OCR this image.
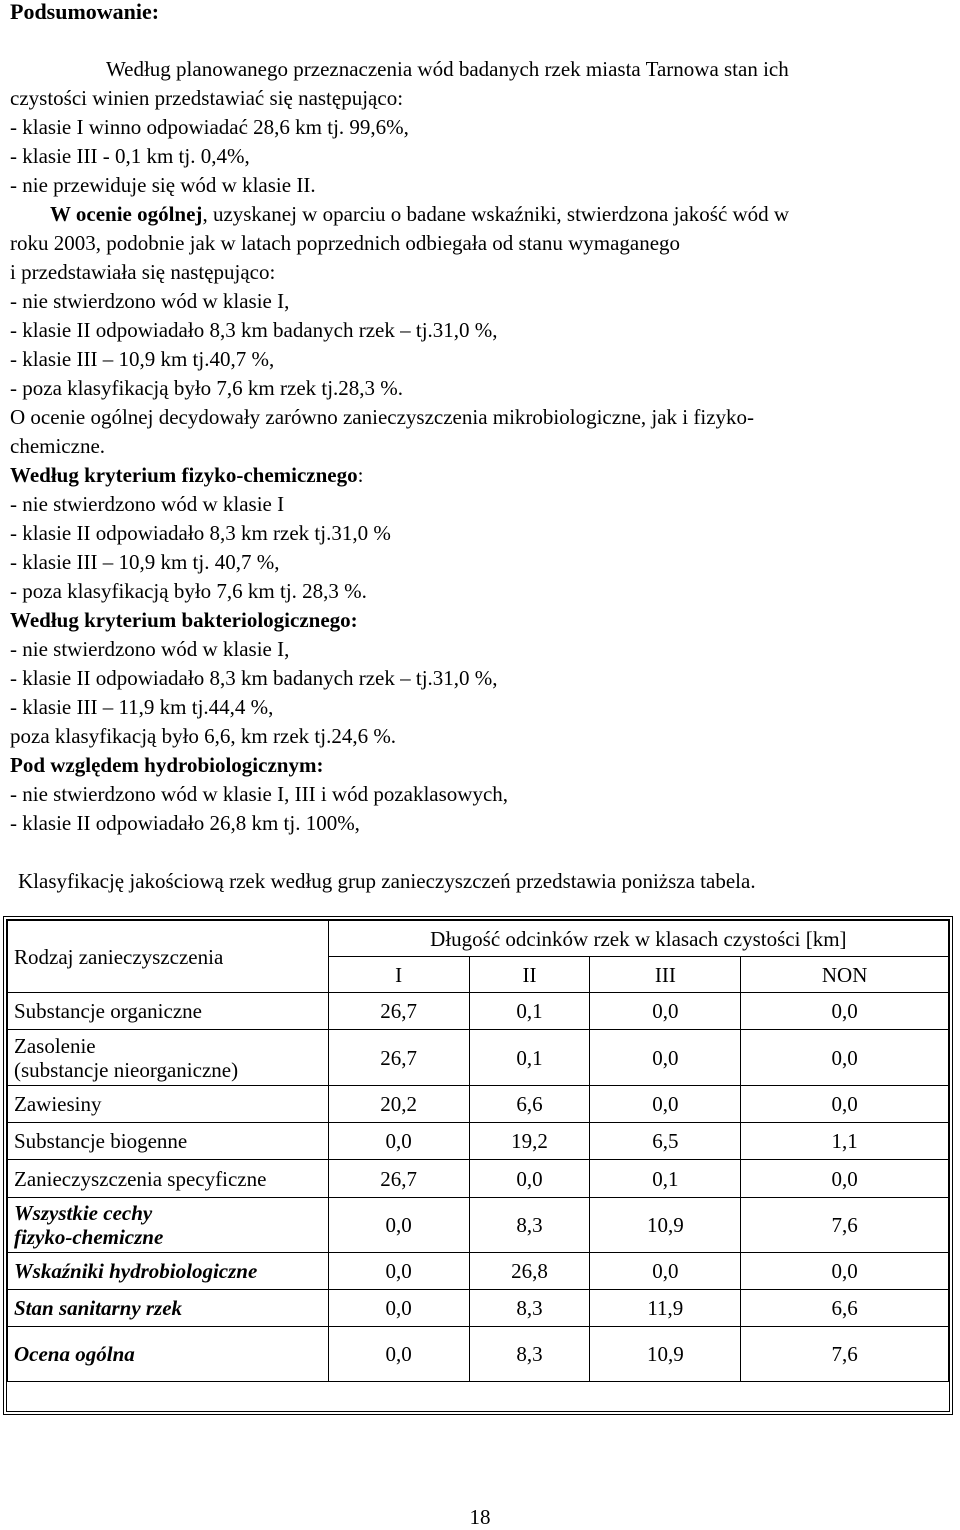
Podsumowanie:
Według planowanego przeznaczenia wód badanych rzek miasta Tarnowa stan ich
czystości winien przedstawiać się następująco:
- klasie I winno odpowiadać 28,6 km tj. 99,6%,
- klasie III - 0,1 km tj. 0,4%,
- nie przewiduje się wód w klasie II.
W ocenie ogólnej, uzyskanej w oparciu o badane wskaźniki, stwierdzona jakość wód w
roku 2003, podobnie jak w latach poprzednich odbiegała od stanu wymaganego
i przedstawiała się następująco:
- nie stwierdzono wód w klasie I,
- klasie II odpowiadało 8,3 km badanych rzek – tj.31,0 %,
- klasie III – 10,9 km tj.40,7 %,
- poza klasyfikacją było 7,6 km rzek tj.28,3 %.
O ocenie ogólnej decydowały zarówno zanieczyszczenia mikrobiologiczne, jak i fizyko-
chemiczne.
Według kryterium fizyko-chemicznego:
- nie stwierdzono wód w klasie I
- klasie II odpowiadało 8,3 km rzek tj.31,0 %
- klasie III – 10,9 km tj. 40,7 %,
- poza klasyfikacją było 7,6 km tj. 28,3 %.
Według kryterium bakteriologicznego:
- nie stwierdzono wód w klasie I,
- klasie II odpowiadało 8,3 km badanych rzek – tj.31,0 %,
- klasie III – 11,9 km tj.44,4 %,
poza klasyfikacją było 6,6, km rzek tj.24,6 %.
Pod względem hydrobiologicznym:
- nie stwierdzono wód w klasie I, III i wód pozaklasowych,
- klasie II odpowiadało 26,8 km tj. 100%,
Klasyfikację jakościową rzek według grup zanieczyszczeń przedstawia poniższa tabela.
Rodzaj zanieczyszczenia	Długość odcinków rzek w klasach czystości [km]			
	I	II	III	NON

Substancje organiczne	26,7	0,1	0,0	0,0

Zasolenie
(substancje nieorganiczne)	26,7	0,1	0,0	0,0

Zawiesiny	20,2	6,6	0,0	0,0

Substancje biogenne	0,0	19,2	6,5	1,1

Zanieczyszczenia specyficzne	26,7	0,0	0,1	0,0

Wszystkie cechy
fizyko-chemiczne	0,0	8,3	10,9	7,6

Wskaźniki hydrobiologiczne	0,0	26,8	0,0	0,0

Stan sanitarny rzek	0,0	8,3	11,9	6,6

Ocena ogólna	0,0	8,3	10,9	7,6
18
